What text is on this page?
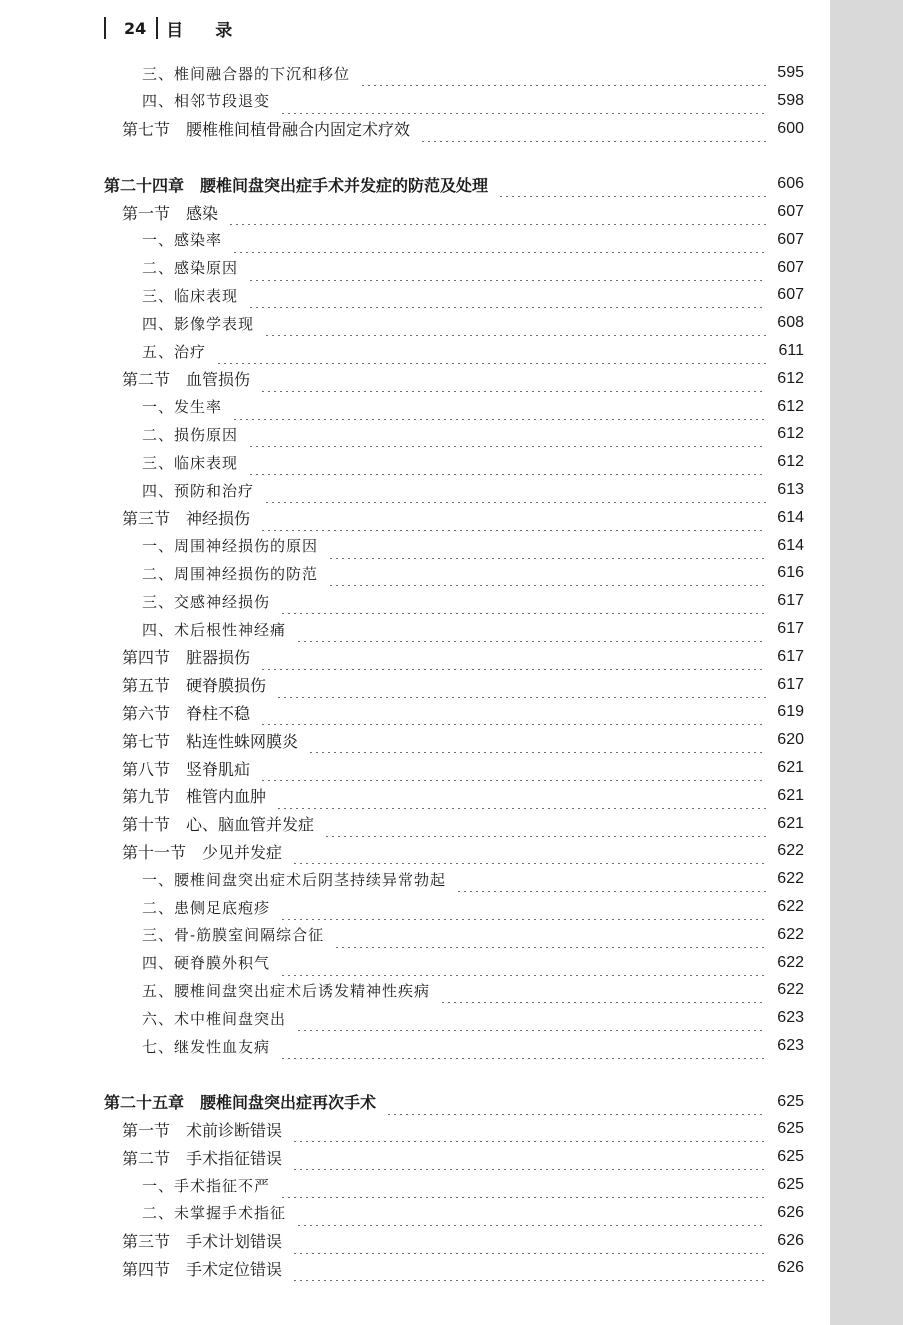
24 目录
三、椎间融合器的下沉和移位	595
四、相邻节段退变	598
第七节　腰椎椎间植骨融合内固定术疗效	600
第二十四章　腰椎间盘突出症手术并发症的防范及处理	606
第一节　感染	607
一、感染率	607
二、感染原因	607
三、临床表现	607
四、影像学表现	608
五、治疗	611
第二节　血管损伤	612
一、发生率	612
二、损伤原因	612
三、临床表现	612
四、预防和治疗	613
第三节　神经损伤	614
一、周围神经损伤的原因	614
二、周围神经损伤的防范	616
三、交感神经损伤	617
四、术后根性神经痛	617
第四节　脏器损伤	617
第五节　硬脊膜损伤	617
第六节　脊柱不稳	619
第七节　粘连性蛛网膜炎	620
第八节　竖脊肌疝	621
第九节　椎管内血肿	621
第十节　心、脑血管并发症	621
第十一节　少见并发症	622
一、腰椎间盘突出症术后阴茎持续异常勃起	622
二、患侧足底疱疹	622
三、骨-筋膜室间隔综合征	622
四、硬脊膜外积气	622
五、腰椎间盘突出症术后诱发精神性疾病	622
六、术中椎间盘突出	623
七、继发性血友病	623
第二十五章　腰椎间盘突出症再次手术	625
第一节　术前诊断错误	625
第二节　手术指征错误	625
一、手术指征不严	625
二、未掌握手术指征	626
第三节　手术计划错误	626
第四节　手术定位错误	626
